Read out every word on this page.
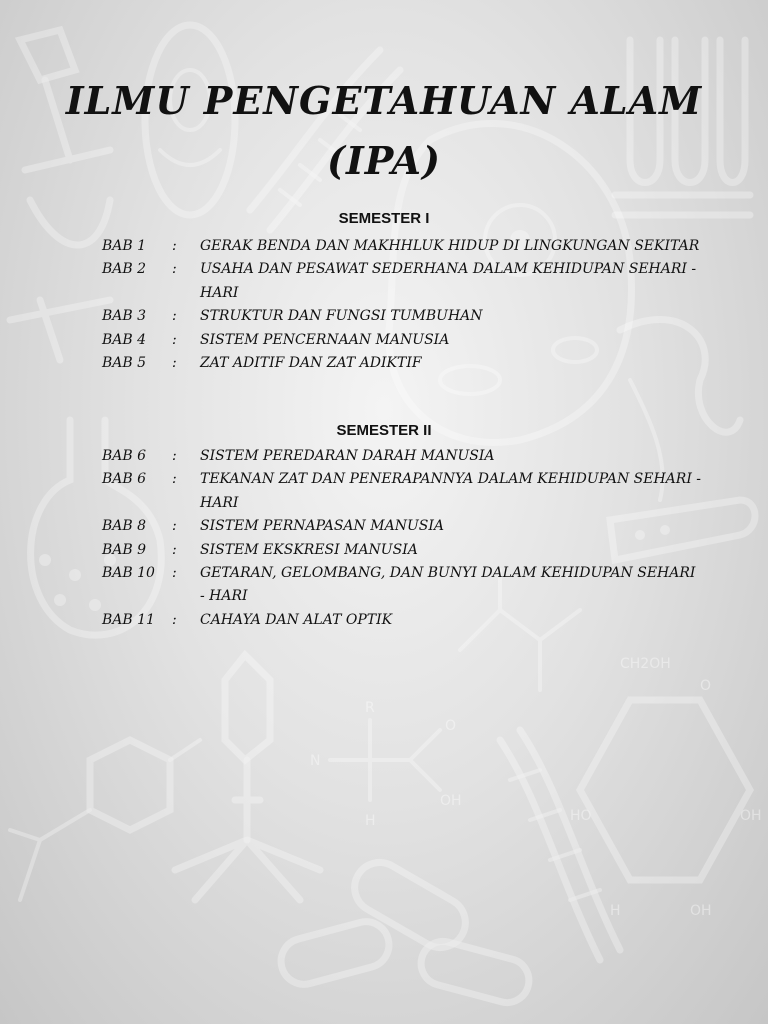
R
N
O
OH
H
CH2OH
O
OH
OH
H
HO
ILMU PENGETAHUAN ALAM
(IPA)
SEMESTER I
BAB 1	:	GERAK BENDA DAN MAKHHLUK HIDUP DI LINGKUNGAN SEKITAR
BAB 2	:	USAHA DAN PESAWAT SEDERHANA DALAM KEHIDUPAN SEHARI - HARI
BAB 3	:	STRUKTUR DAN FUNGSI TUMBUHAN
BAB 4	:	SISTEM PENCERNAAN MANUSIA
BAB 5	:	ZAT ADITIF DAN ZAT ADIKTIF
SEMESTER II
BAB 6	:	SISTEM PEREDARAN DARAH MANUSIA
BAB 6	:	TEKANAN ZAT DAN PENERAPANNYA DALAM KEHIDUPAN SEHARI - HARI
BAB 8	:	SISTEM PERNAPASAN MANUSIA
BAB 9	:	SISTEM EKSKRESI MANUSIA
BAB 10	:	GETARAN, GELOMBANG, DAN BUNYI DALAM KEHIDUPAN SEHARI - HARI
BAB 11	:	CAHAYA DAN ALAT OPTIK
